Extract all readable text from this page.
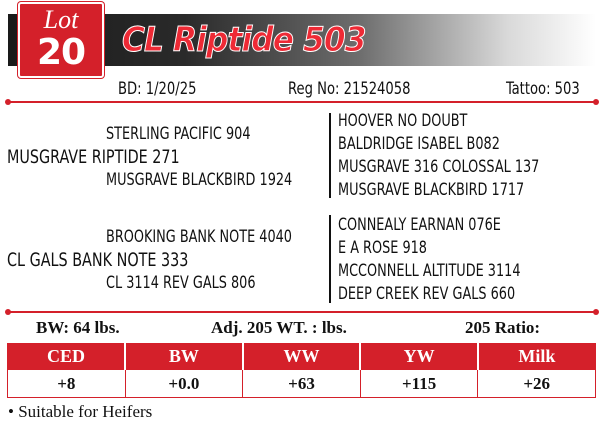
Lot
20	CL Riptide 503
BD: 1/20/25	Reg No: 21524058	Tattoo: 503
STERLING PACIFIC 904
MUSGRAVE RIPTIDE 271
MUSGRAVE BLACKBIRD 1924
BROOKING BANK NOTE 4040
CL GALS BANK NOTE 333
CL 3114 REV GALS 806
HOOVER NO DOUBT
BALDRIDGE ISABEL B082
MUSGRAVE 316 COLOSSAL 137
MUSGRAVE BLACKBIRD 1717
CONNEALY EARNAN 076E
E A ROSE 918
MCCONNELL ALTITUDE 3114
DEEP CREEK REV GALS 660
BW: 64 lbs.	Adj. 205 WT. : lbs.	205 Ratio:
CED	BW	WW	YW	Milk
+8	+0.0	+63	+115	+26
• Suitable for Heifers
